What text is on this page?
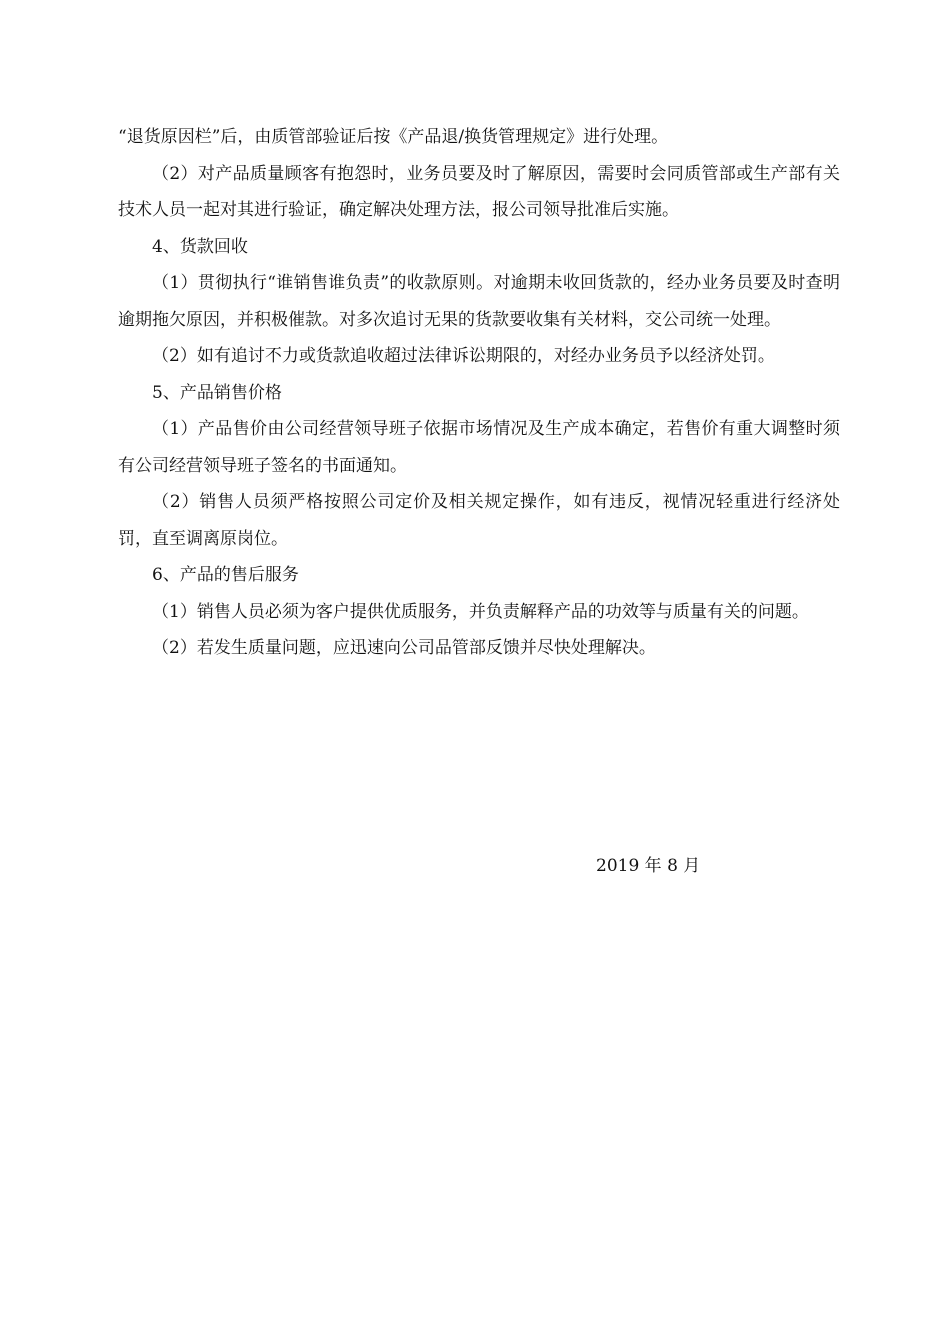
“退货原因栏”后，由质管部验证后按《产品退/换货管理规定》进行处理。

（2）对产品质量顾客有抱怨时，业务员要及时了解原因，需要时会同质管部或生产部有关技术人员一起对其进行验证，确定解决处理方法，报公司领导批准后实施。

4、货款回收

（1）贯彻执行“谁销售谁负责”的收款原则。对逾期未收回货款的，经办业务员要及时查明逾期拖欠原因，并积极催款。对多次追讨无果的货款要收集有关材料，交公司统一处理。

（2）如有追讨不力或货款追收超过法律诉讼期限的，对经办业务员予以经济处罚。

5、产品销售价格

（1）产品售价由公司经营领导班子依据市场情况及生产成本确定，若售价有重大调整时须有公司经营领导班子签名的书面通知。

（2）销售人员须严格按照公司定价及相关规定操作，如有违反，视情况轻重进行经济处罚，直至调离原岗位。

6、产品的售后服务

（1）销售人员必须为客户提供优质服务，并负责解释产品的功效等与质量有关的问题。

（2）若发生质量问题，应迅速向公司品管部反馈并尽快处理解决。

2019 年 8 月
